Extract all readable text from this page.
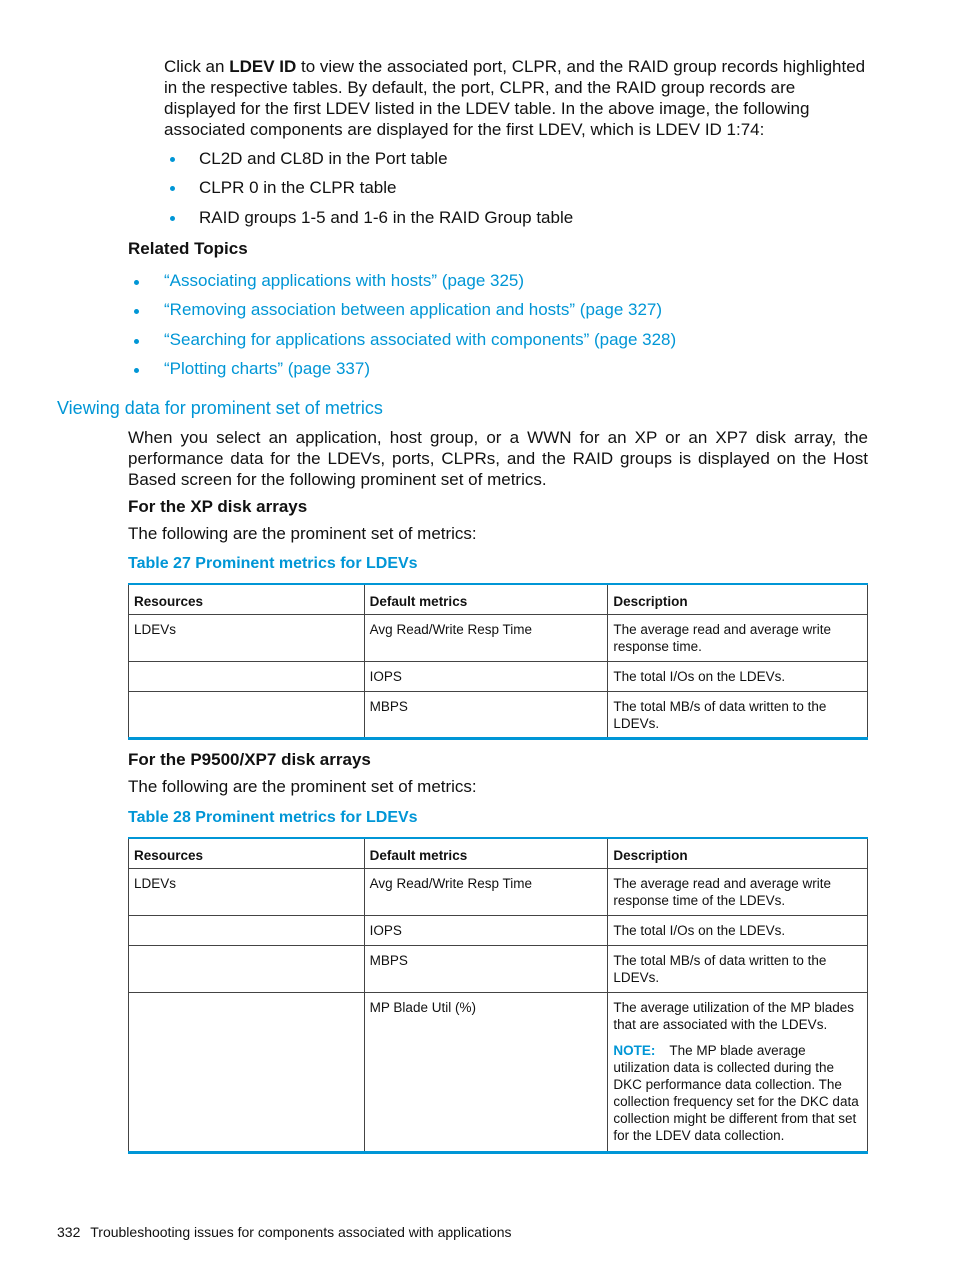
Click an LDEV ID to view the associated port, CLPR, and the RAID group records highlighted in the respective tables. By default, the port, CLPR, and the RAID group records are displayed for the first LDEV listed in the LDEV table. In the above image, the following associated components are displayed for the first LDEV, which is LDEV ID 1:74:

CL2D and CL8D in the Port table
CLPR 0 in the CLPR table
RAID groups 1-5 and 1-6 in the RAID Group table
Related Topics
“Associating applications with hosts” (page 325)
“Removing association between application and hosts” (page 327)
“Searching for applications associated with components” (page 328)
“Plotting charts” (page 337)
Viewing data for prominent set of metrics

When you select an application, host group, or a WWN for an XP or an XP7 disk array, the performance data for the LDEVs, ports, CLPRs, and the RAID groups is displayed on the Host Based screen for the following prominent set of metrics.

For the XP disk arrays
The following are the prominent set of metrics:
Table 27 Prominent metrics for LDEVs
Resources	Default metrics	Description
LDEVs	Avg Read/Write Resp Time	The average read and average write response time.
	IOPS	The total I/Os on the LDEVs.
	MBPS	The total MB/s of data written to the LDEVs.
For the P9500/XP7 disk arrays
The following are the prominent set of metrics:
Table 28 Prominent metrics for LDEVs
Resources	Default metrics	Description
LDEVs	Avg Read/Write Resp Time	The average read and average write response time of the LDEVs.
	IOPS	The total I/Os on the LDEVs.
	MBPS	The total MB/s of data written to the LDEVs.
	MP Blade Util (%)	The average utilization of the MP blades that are associated with the LDEVs.
NOTE: The MP blade average utilization data is collected during the DKC performance data collection. The collection frequency set for the DKC data collection might be different from that set for the LDEV data collection.
332 Troubleshooting issues for components associated with applications
